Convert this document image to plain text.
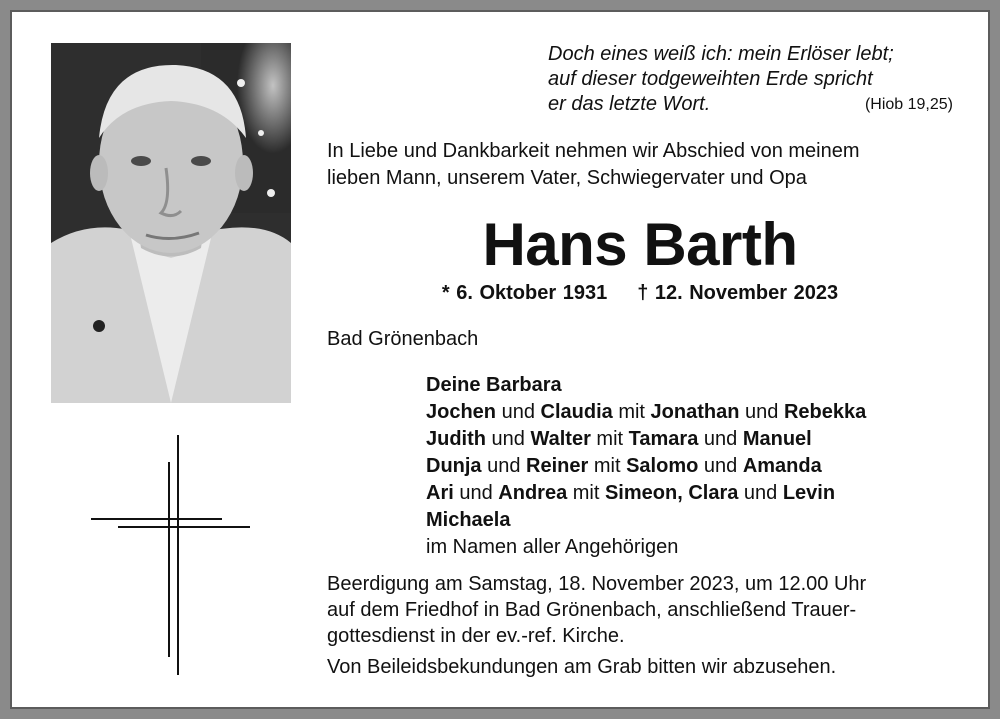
Doch eines weiß ich: mein Erlöser lebt;
auf dieser todgeweihten Erde spricht
er das letzte Wort.	(Hiob 19,25)
In Liebe und Dankbarkeit nehmen wir Abschied von meinem
lieben Mann, unserem Vater, Schwiegervater und Opa
Hans Barth
* 6. Oktober 1931 † 12. November 2023
Bad Grönenbach
Deine Barbara
Jochen und Claudia mit Jonathan und Rebekka
Judith und Walter mit Tamara und Manuel
Dunja und Reiner mit Salomo und Amanda
Ari und Andrea mit Simeon, Clara und Levin
Michaela
im Namen aller Angehörigen
Beerdigung am Samstag, 18. November 2023, um 12.00 Uhr
auf dem Friedhof in Bad Grönenbach, anschließend Trauer-
gottesdienst in der ev.-ref. Kirche.
Von Beileidsbekundungen am Grab bitten wir abzusehen.
